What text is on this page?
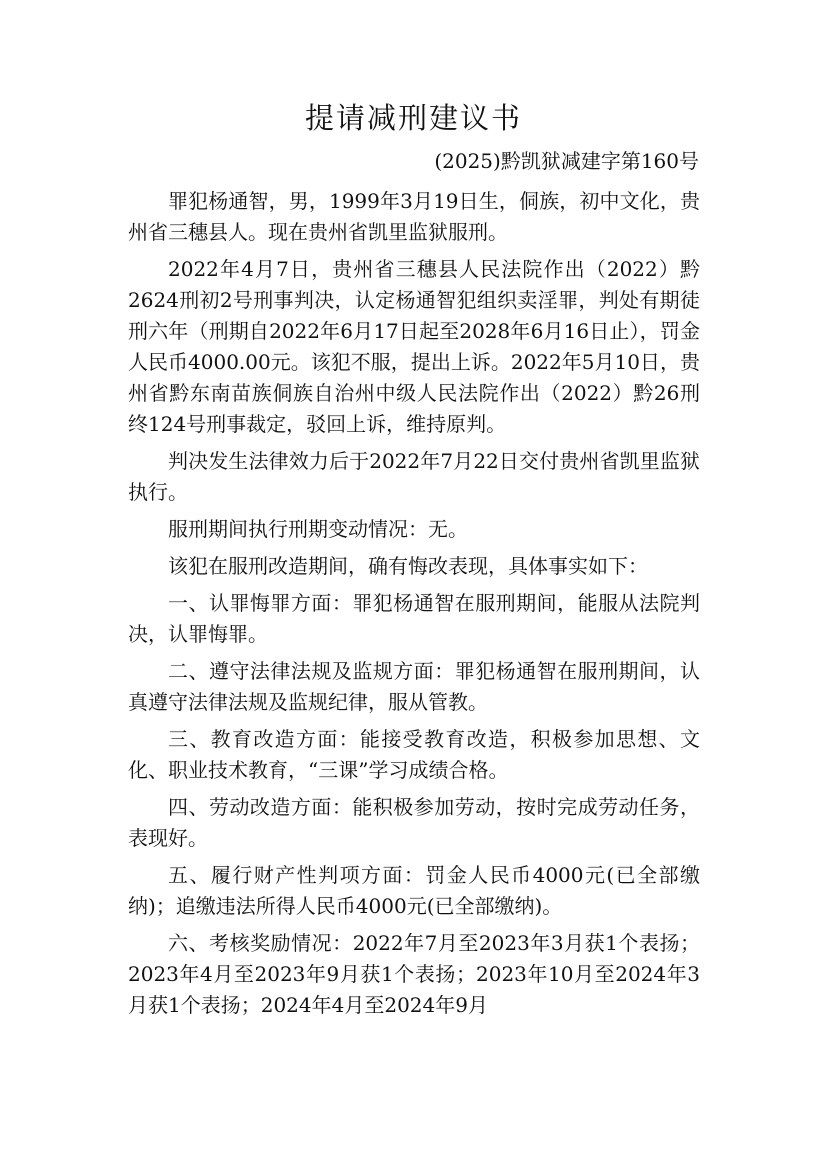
提请减刑建议书
(2025)黔凯狱减建字第160号

罪犯杨通智，男，1999年3月19日生，侗族，初中文化，贵州省三穗县人。现在贵州省凯里监狱服刑。

2022年4月7日，贵州省三穗县人民法院作出（2022）黔2624刑初2号刑事判决，认定杨通智犯组织卖淫罪，判处有期徒刑六年（刑期自2022年6月17日起至2028年6月16日止），罚金人民币4000.00元。该犯不服，提出上诉。2022年5月10日，贵州省黔东南苗族侗族自治州中级人民法院作出（2022）黔26刑终124号刑事裁定，驳回上诉，维持原判。

判决发生法律效力后于2022年7月22日交付贵州省凯里监狱执行。

服刑期间执行刑期变动情况：无。

该犯在服刑改造期间，确有悔改表现，具体事实如下：

一、认罪悔罪方面：罪犯杨通智在服刑期间，能服从法院判决，认罪悔罪。

二、遵守法律法规及监规方面：罪犯杨通智在服刑期间，认真遵守法律法规及监规纪律，服从管教。

三、教育改造方面：能接受教育改造，积极参加思想、文化、职业技术教育，“三课”学习成绩合格。

四、劳动改造方面：能积极参加劳动，按时完成劳动任务，表现好。

五、履行财产性判项方面：罚金人民币4000元(已全部缴纳)；追缴违法所得人民币4000元(已全部缴纳)。

六、考核奖励情况：2022年7月至2023年3月获1个表扬；2023年4月至2023年9月获1个表扬；2023年10月至2024年3月获1个表扬；2024年4月至2024年9月
